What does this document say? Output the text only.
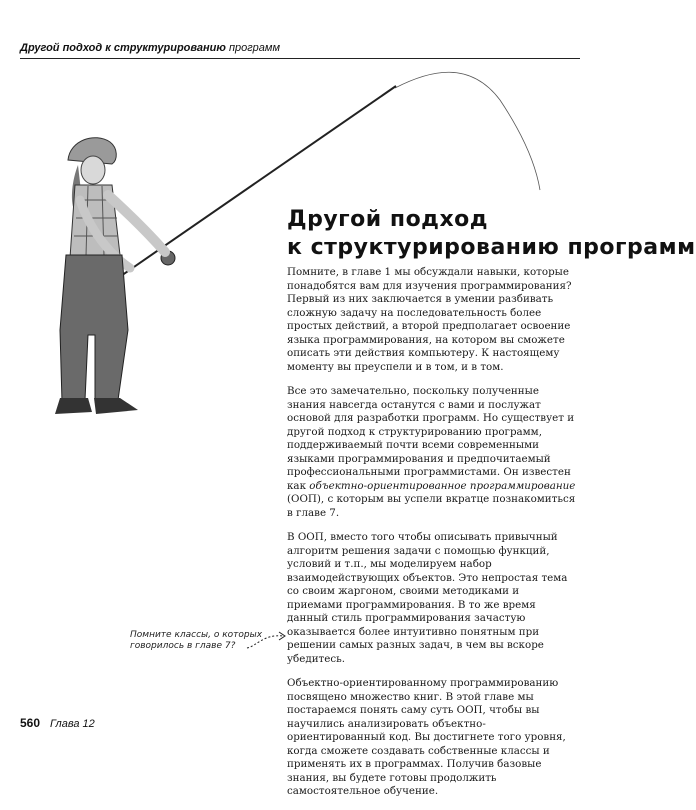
Другой подход к структурированию программ
Другой подход
к структурированию программ

Помните, в главе 1 мы обсуждали навыки, которые понадобятся вам для изучения программирования? Первый из них заключается в умении разбивать сложную задачу на последовательность более простых действий, а второй предполагает освоение языка программирования, на котором вы сможете описать эти действия компьютеру. К настоящему моменту вы преуспели и в том, и в том.

Все это замечательно, поскольку полученные знания навсегда останутся с вами и послужат основой для разработки программ. Но существует и другой подход к структурированию программ, поддерживаемый почти всеми современными языками программирования и предпочитаемый профессиональными программистами. Он известен как объектно-ориентированное программирование (ООП), с которым вы успели вкратце познакомиться в главе 7.

В ООП, вместо того чтобы описывать привычный алгоритм решения задачи с помощью функций, условий и т.п., мы моделируем набор взаимодействующих объектов. Это непростая тема со своим жаргоном, своими методиками и приемами программирования. В то же время данный стиль программирования зачастую оказывается более интуитивно понятным при решении самых разных задач, в чем вы вскоре убедитесь.

Объектно-ориентированному программированию посвящено множество книг. В этой главе мы постараемся понять саму суть ООП, чтобы вы научились анализировать объектно-ориентированный код. Вы достигнете того уровня, когда сможете создавать собственные классы и применять их в программах. Получив базовые знания, вы будете готовы продолжить самостоятельное обучение.

Помните классы, о которых говорилось в главе 7?
560 Глава 12
